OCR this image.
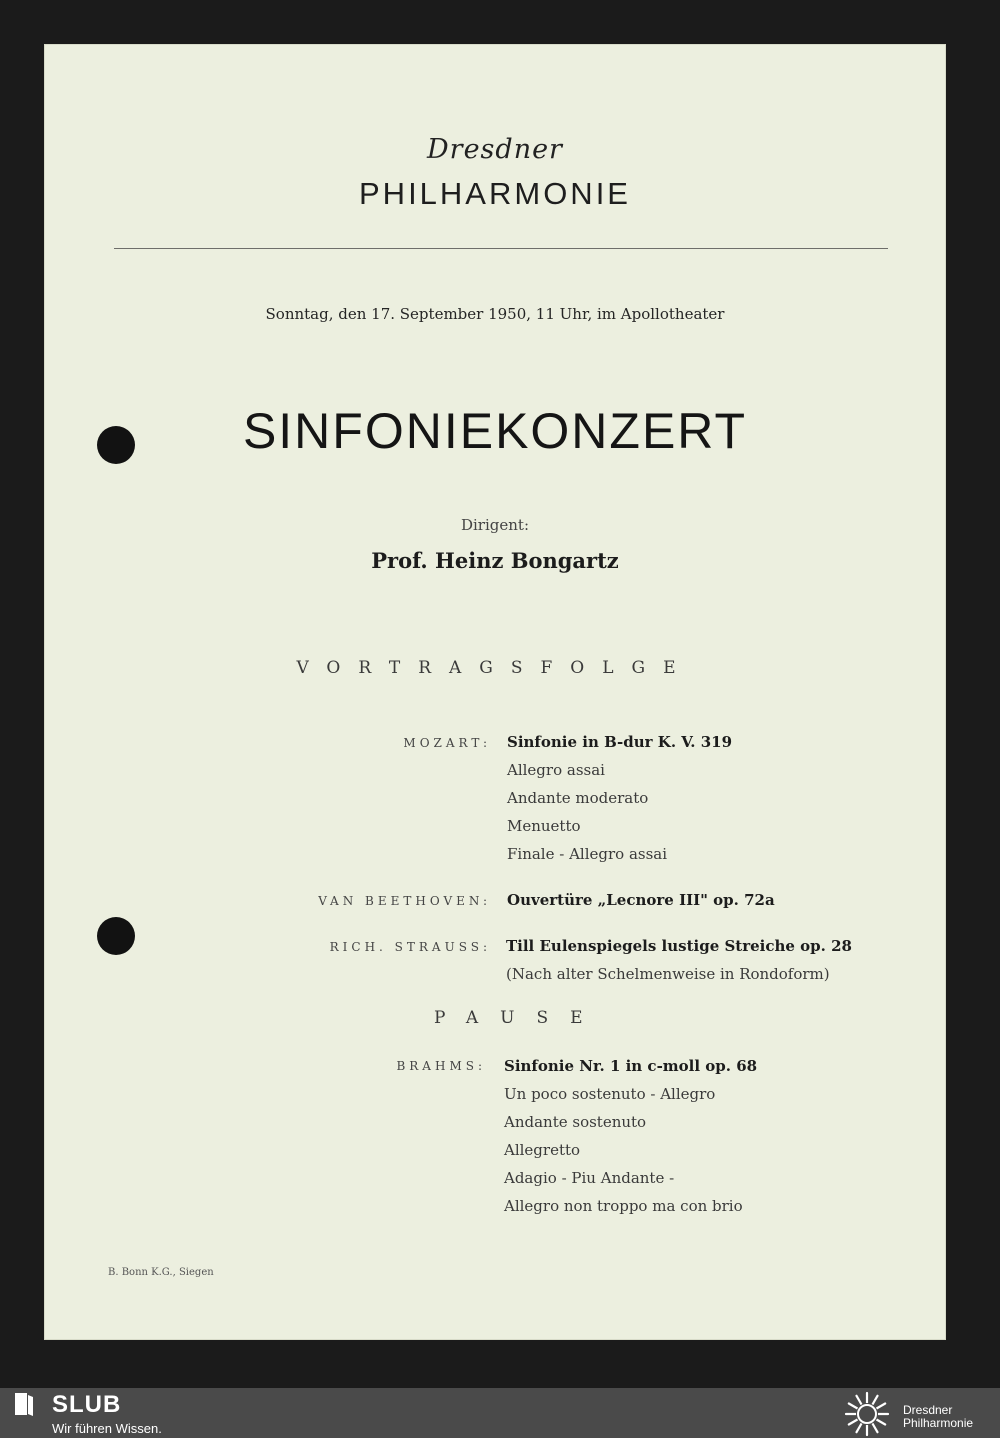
Dresdner
PHILHARMONIE
Sonntag, den 17. September 1950, 11 Uhr, im Apollotheater
SINFONIEKONZERT
Dirigent:
Prof. Heinz Bongartz
VORTRAGSFOLGE
MOZART: Sinfonie in B-dur K. V. 319
Allegro assai
Andante moderato
Menuetto
Finale - Allegro assai
VAN BEETHOVEN: Ouvertüre „Lecnore III" op. 72a
RICH. STRAUSS: Till Eulenspiegels lustige Streiche op. 28
(Nach alter Schelmenweise in Rondoform)
PAUSE
BRAHMS: Sinfonie Nr. 1 in c-moll op. 68
Un poco sostenuto - Allegro
Andante sostenuto
Allegretto
Adagio - Piu Andante -
Allegro non troppo ma con brio
B. Bonn K.G., Siegen
SLUB
Wir führen Wissen.
Dresdner
Philharmonie
